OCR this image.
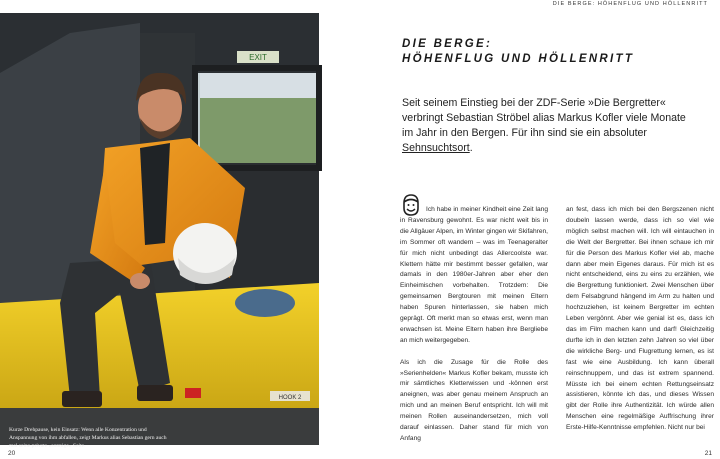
DIE BERGE: HÖHENFLUG UND HÖLLENRITT
EXIT
HOOK 2
Kurze Drehpause, kein Einsatz: Wenn alle Konzentration und Anspannung von ihm abfallen, zeigt Markus alias Sebastian gern auch mal seine private »sonnige« Seite.
20	21
DIE BERGE:
HÖHENFLUG UND HÖLLENRITT
Seit seinem Einstieg bei der ZDF-Serie »Die Bergretter« verbringt Sebastian Ströbel alias Markus Kofler viele Monate im Jahr in den Bergen. Für ihn sind sie ein absoluter Sehnsuchtsort.

Ich habe in meiner Kindheit eine Zeit lang in Ravensburg gewohnt. Es war nicht weit bis in die Allgäuer Alpen, im Winter gingen wir Skifahren, im Sommer oft wandern – was im Teenageralter für mich nicht unbedingt das Allercoolste war. Klettern hätte mir bestimmt besser gefallen, war damals in den 1980er-Jahren aber eher den Einheimischen vorbehalten. Trotzdem: Die gemeinsamen Bergtouren mit meinen Eltern haben Spuren hinterlassen, sie haben mich geprägt. Oft merkt man so etwas erst, wenn man erwachsen ist. Meine Eltern haben ihre Bergliebe an mich weitergegeben.

Als ich die Zusage für die Rolle des »Serienhelden« Markus Kofler bekam, musste ich mir sämtliches Kletterwissen und -können erst aneignen, was aber genau meinem Anspruch an mich und an meinen Beruf entspricht. Ich will mit meinen Rollen auseinandersetzen, mich voll darauf einlassen. Daher stand für mich von Anfang

an fest, dass ich mich bei den Bergszenen nicht doubeln lassen werde, dass ich so viel wie möglich selbst machen will. Ich will eintauchen in die Welt der Bergretter. Bei ihnen schaue ich mir für die Person des Markus Kofler viel ab, mache dann aber mein Eigenes daraus. Für mich ist es nicht entscheidend, eins zu eins zu erzählen, wie die Bergrettung funktioniert. Zwei Menschen über dem Felsabgrund hängend im Arm zu halten und hochzuziehen, ist keinem Bergretter im echten Leben vergönnt. Aber wie genial ist es, dass ich das im Film machen kann und darf! Gleichzeitig durfte ich in den letzten zehn Jahren so viel über die wirkliche Berg- und Flugrettung lernen, es ist fast wie eine Ausbildung. Ich kann überall reinschnuppern, und das ist extrem spannend. Müsste ich bei einem echten Rettungseinsatz assistieren, könnte ich das, und dieses Wissen gibt der Rolle ihre Authentizität. Ich würde allen Menschen eine regelmäßige Auffrischung ihrer Erste-Hilfe-Kenntnisse empfehlen. Nicht nur bei
